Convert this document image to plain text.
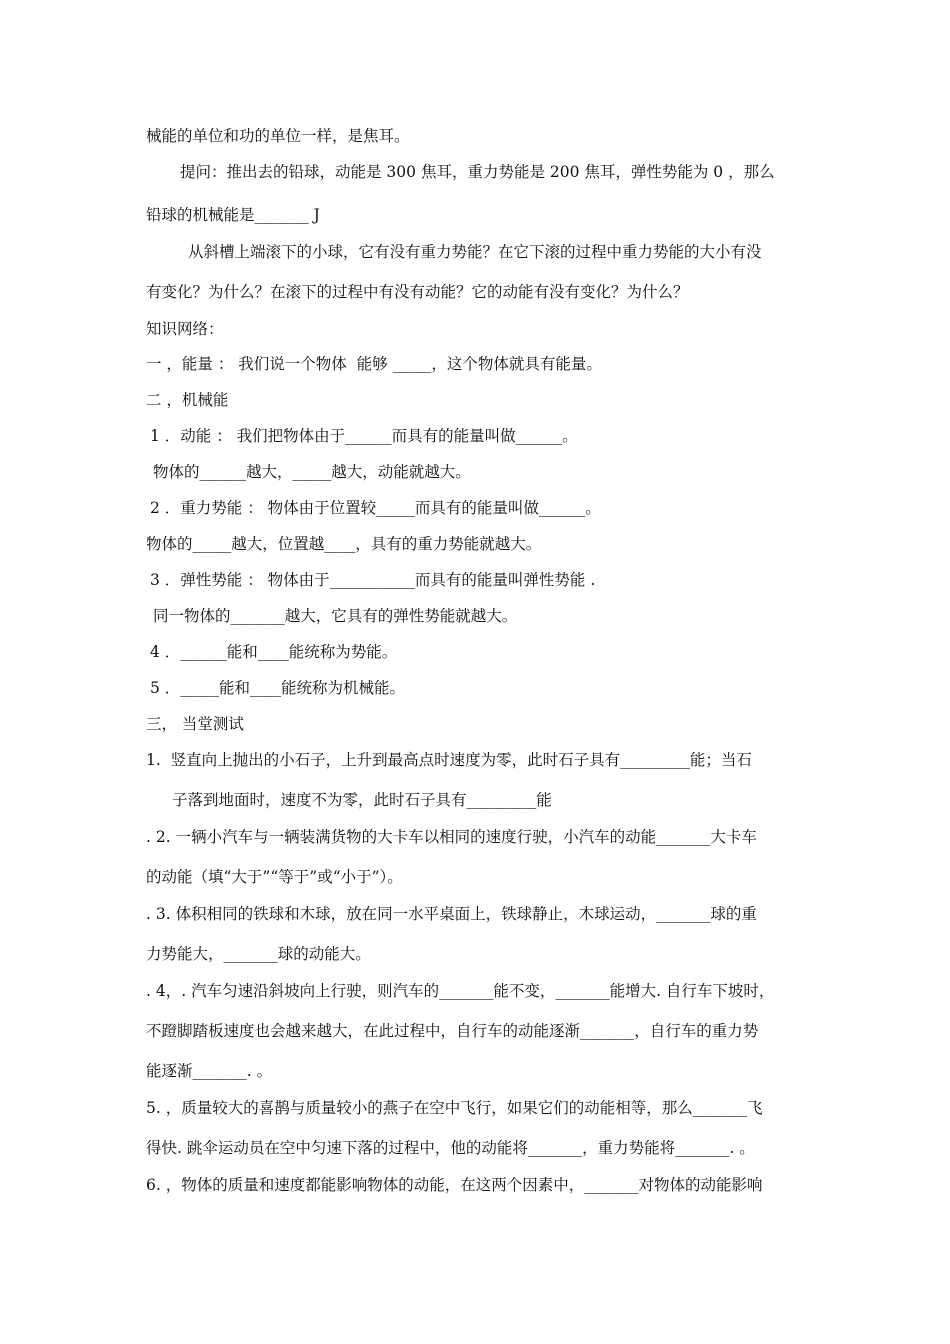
械能的单位和功的单位一样，是焦耳。
提问：推出去的铅球，动能是 300 焦耳，重力势能是 200 焦耳，弹性势能为 0 ，那么
铅球的机械能是_______ J
从斜槽上端滚下的小球，它有没有重力势能？在它下滚的过程中重力势能的大小有没
有变化？为什么？在滚下的过程中有没有动能？它的动能有没有变化？为什么？
知识网络：
一 ，能量 ： 我们说一个物体  能够 _____，这个物体就具有能量。
二 ，机械能
1 ．动能 ： 我们把物体由于______而具有的能量叫做______。
物体的______越大，_____越大，动能就越大。
2 ．重力势能 ： 物体由于位置较_____而具有的能量叫做______。
物体的_____越大，位置越____，具有的重力势能就越大。
3 ．弹性势能 ： 物体由于___________而具有的能量叫弹性势能 .
同一物体的_______越大，它具有的弹性势能就越大。
4 ．______能和____能统称为势能。
5 ．_____能和____能统称为机械能。
三， 当堂测试
1.  竖直向上抛出的小石子，上升到最高点时速度为零，此时石子具有_________能；当石
子落到地面时，速度不为零，此时石子具有_________能
. 2. 一辆小汽车与一辆装满货物的大卡车以相同的速度行驶，小汽车的动能_______大卡车
的动能（填“大于”“等于”或“小于”）。
. 3. 体积相同的铁球和木球，放在同一水平桌面上，铁球静止，木球运动，_______球的重
力势能大，_______球的动能大。
. 4，. 汽车匀速沿斜坡向上行驶，则汽车的_______能不变，_______能增大. 自行车下坡时，
不蹬脚踏板速度也会越来越大，在此过程中，自行车的动能逐渐_______，自行车的重力势
能逐渐_______. 。
5. ，质量较大的喜鹊与质量较小的燕子在空中飞行，如果它们的动能相等，那么_______飞
得快. 跳伞运动员在空中匀速下落的过程中，他的动能将_______，重力势能将_______. 。
6. ，物体的质量和速度都能影响物体的动能，在这两个因素中，_______对物体的动能影响
